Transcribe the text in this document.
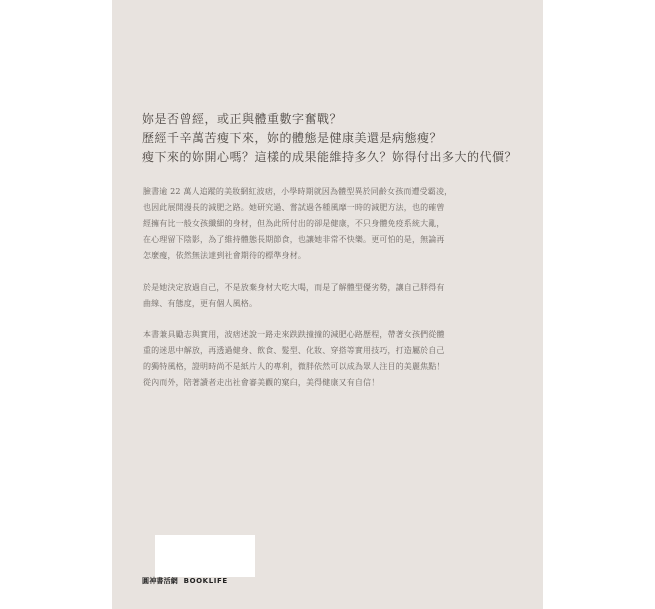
妳是否曾經，或正與體重數字奮戰？

歷經千辛萬苦瘦下來，妳的體態是健康美還是病態瘦？

瘦下來的妳開心嗎？這樣的成果能維持多久？妳得付出多大的代價？

臉書逾 22 萬人追蹤的美妝網紅波痞，小學時期就因為體型異於同齡女孩而遭受霸凌，

也因此展開漫長的減肥之路。她研究過、嘗試過各種風靡一時的減肥方法，也的確曾

經擁有比一般女孩纖細的身材，但為此所付出的卻是健康，不只身體免疫系統大亂，

在心理留下陰影，為了維持體態長期節食，也讓她非常不快樂。更可怕的是，無論再

怎麼瘦，依然無法達到社會期待的標準身材。

於是她決定放過自己，不是放棄身材大吃大喝，而是了解體型優劣勢，讓自己胖得有

曲線、有態度，更有個人風格。

本書兼具勵志與實用，波痞述說一路走來跌跌撞撞的減肥心路歷程，帶著女孩們從體

重的迷思中解放，再透過健身、飲食、髮型、化妝、穿搭等實用技巧，打造屬於自己

的獨特風格，證明時尚不是紙片人的專利，微胖依然可以成為眾人注目的美麗焦點！

從內而外，陪著讀者走出社會審美觀的窠臼，美得健康又有自信！

圓神書活網 BOOKLIFE
